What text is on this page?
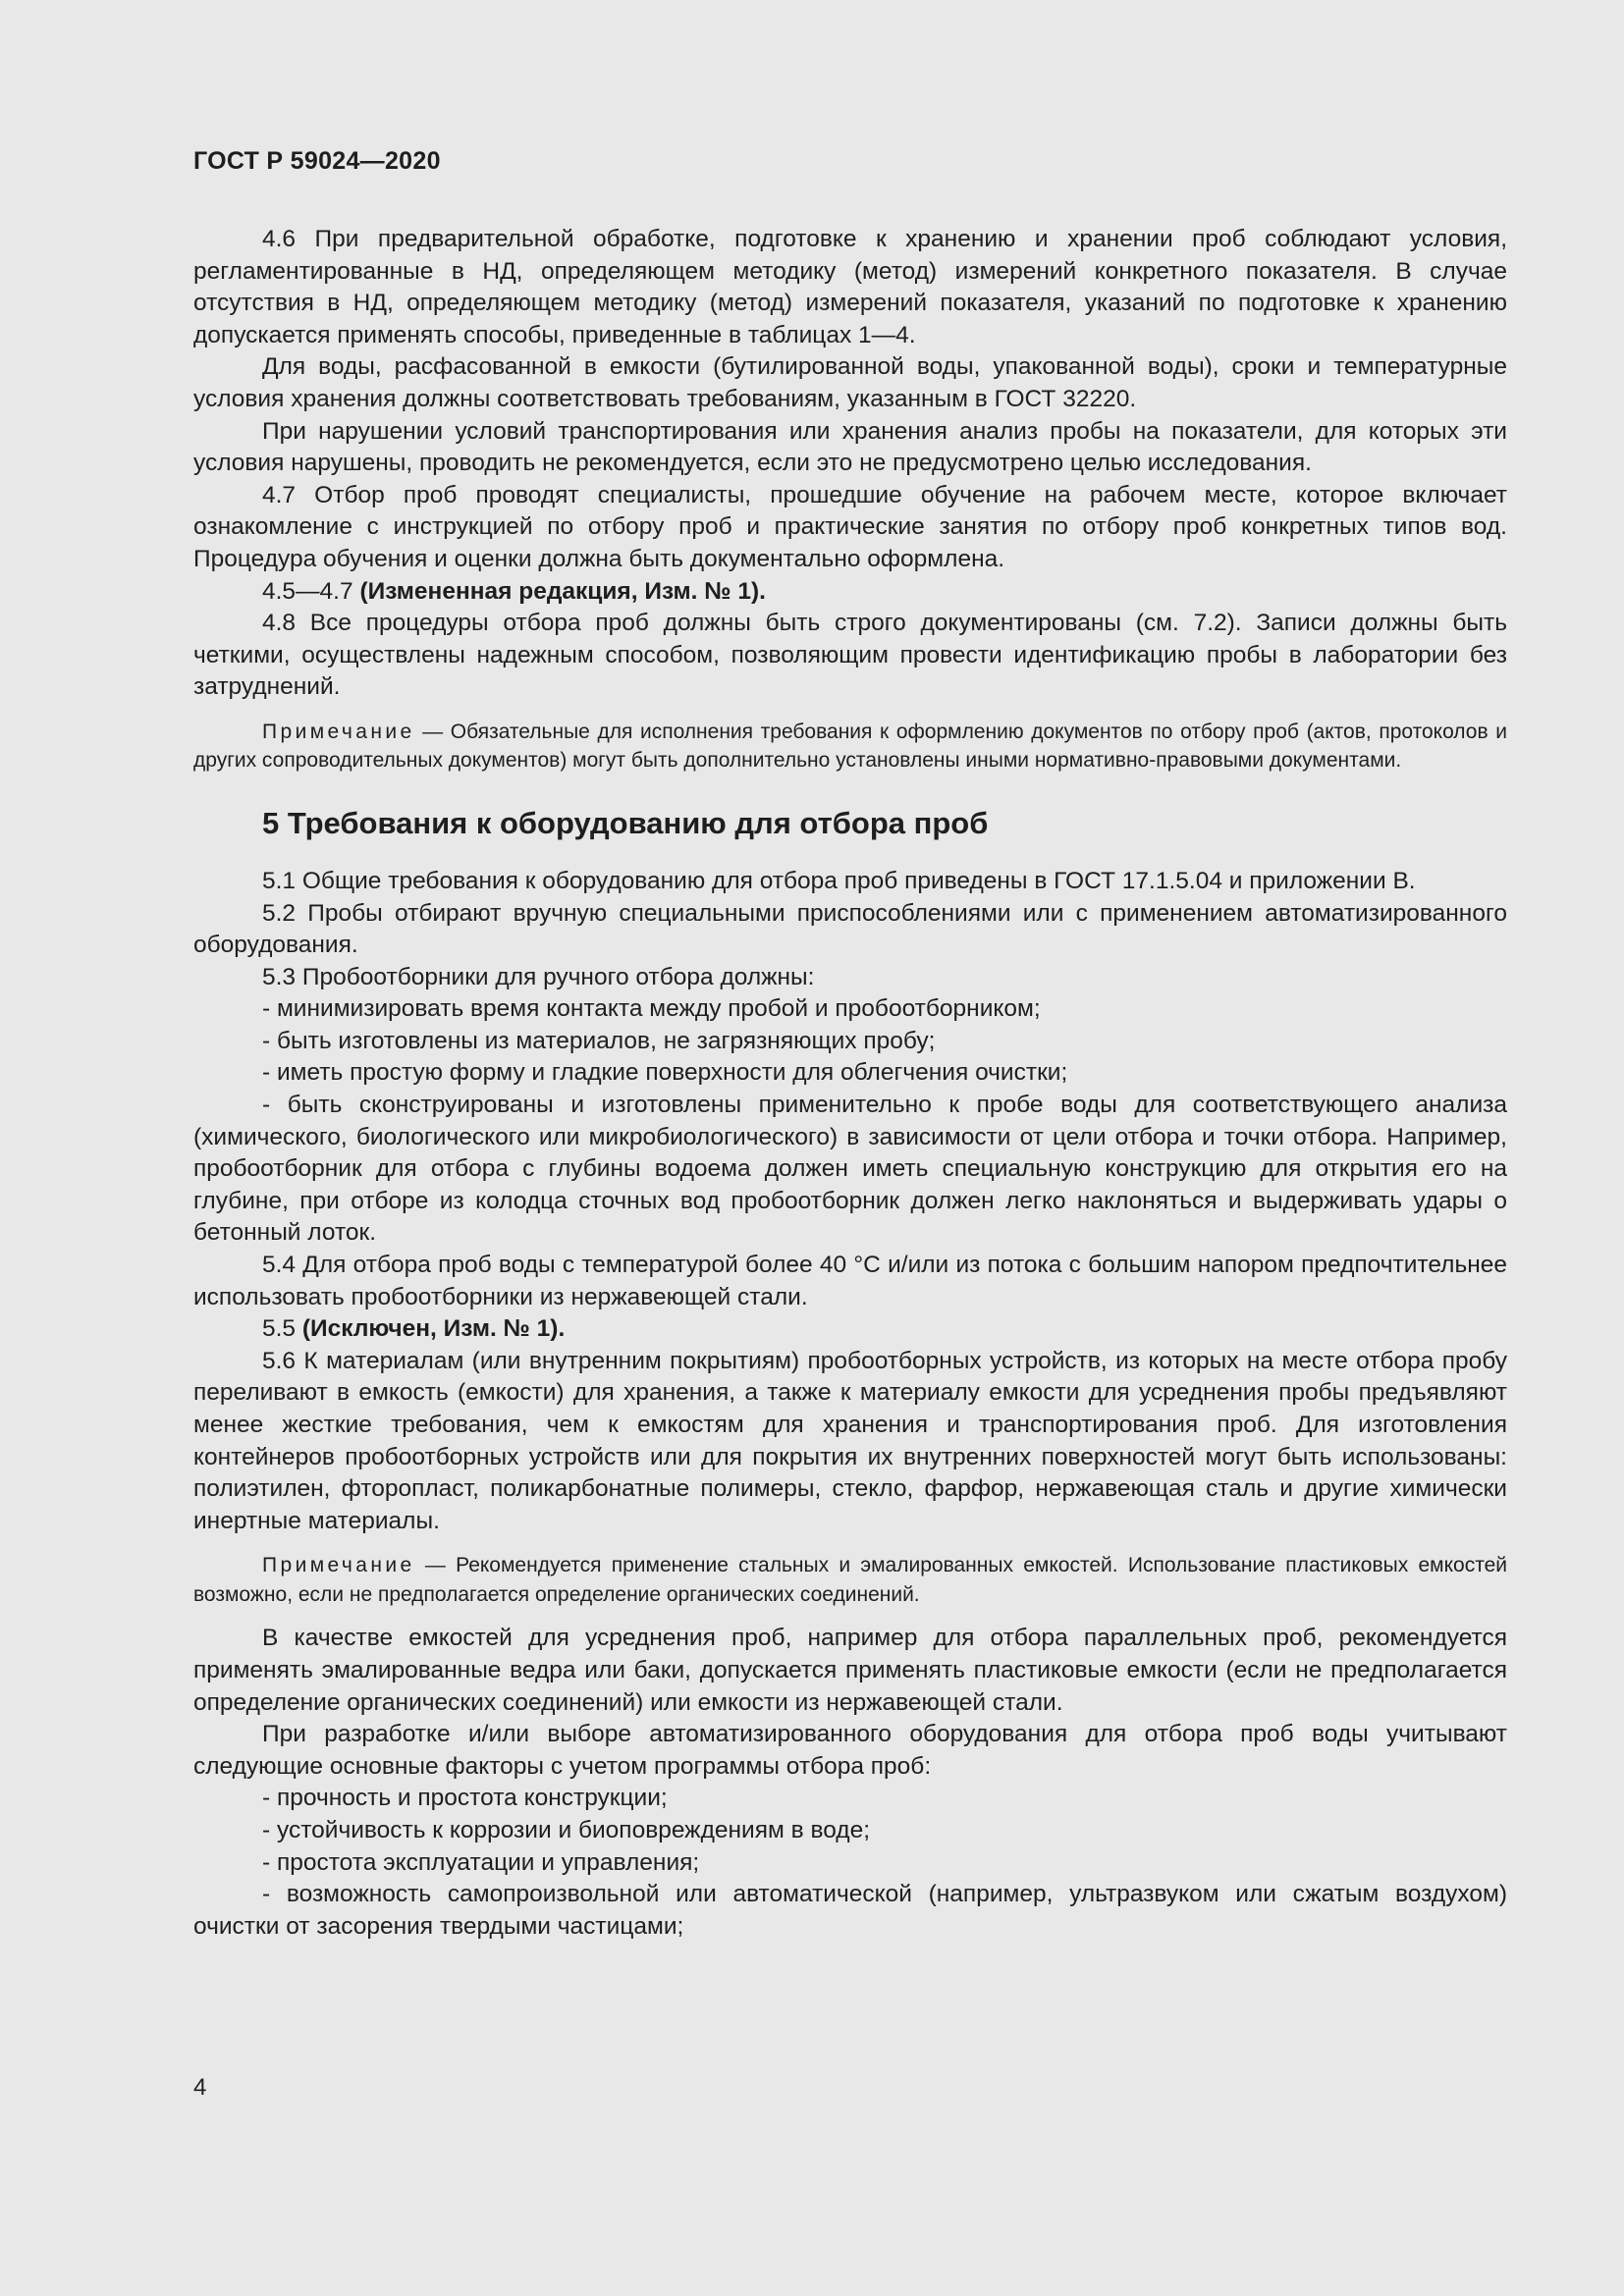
ГОСТ Р 59024—2020

4.6 При предварительной обработке, подготовке к хранению и хранении проб соблюдают условия, регламентированные в НД, определяющем методику (метод) измерений конкретного показателя. В случае отсутствия в НД, определяющем методику (метод) измерений показателя, указаний по подготовке к хранению допускается применять способы, приведенные в таблицах 1—4.

Для воды, расфасованной в емкости (бутилированной воды, упакованной воды), сроки и температурные условия хранения должны соответствовать требованиям, указанным в ГОСТ 32220.

При нарушении условий транспортирования или хранения анализ пробы на показатели, для которых эти условия нарушены, проводить не рекомендуется, если это не предусмотрено целью исследования.

4.7 Отбор проб проводят специалисты, прошедшие обучение на рабочем месте, которое включает ознакомление с инструкцией по отбору проб и практические занятия по отбору проб конкретных типов вод. Процедура обучения и оценки должна быть документально оформлена.

4.5—4.7 (Измененная редакция, Изм. № 1).

4.8 Все процедуры отбора проб должны быть строго документированы (см. 7.2). Записи должны быть четкими, осуществлены надежным способом, позволяющим провести идентификацию пробы в лаборатории без затруднений.

Примечание — Обязательные для исполнения требования к оформлению документов по отбору проб (актов, протоколов и других сопроводительных документов) могут быть дополнительно установлены иными нормативно-правовыми документами.
5 Требования к оборудованию для отбора проб

5.1 Общие требования к оборудованию для отбора проб приведены в ГОСТ 17.1.5.04 и приложении В.

5.2 Пробы отбирают вручную специальными приспособлениями или с применением автоматизированного оборудования.

5.3 Пробоотборники для ручного отбора должны:

- минимизировать время контакта между пробой и пробоотборником;

- быть изготовлены из материалов, не загрязняющих пробу;

- иметь простую форму и гладкие поверхности для облегчения очистки;

- быть сконструированы и изготовлены применительно к пробе воды для соответствующего анализа (химического, биологического или микробиологического) в зависимости от цели отбора и точки отбора. Например, пробоотборник для отбора с глубины водоема должен иметь специальную конструкцию для открытия его на глубине, при отборе из колодца сточных вод пробоотборник должен легко наклоняться и выдерживать удары о бетонный лоток.

5.4 Для отбора проб воды с температурой более 40 °С и/или из потока с большим напором предпочтительнее использовать пробоотборники из нержавеющей стали.

5.5 (Исключен, Изм. № 1).

5.6 К материалам (или внутренним покрытиям) пробоотборных устройств, из которых на месте отбора пробу переливают в емкость (емкости) для хранения, а также к материалу емкости для усреднения пробы предъявляют менее жесткие требования, чем к емкостям для хранения и транспортирования проб. Для изготовления контейнеров пробоотборных устройств или для покрытия их внутренних поверхностей могут быть использованы: полиэтилен, фторопласт, поликарбонатные полимеры, стекло, фарфор, нержавеющая сталь и другие химически инертные материалы.

Примечание — Рекомендуется применение стальных и эмалированных емкостей. Использование пластиковых емкостей возможно, если не предполагается определение органических соединений.

В качестве емкостей для усреднения проб, например для отбора параллельных проб, рекомендуется применять эмалированные ведра или баки, допускается применять пластиковые емкости (если не предполагается определение органических соединений) или емкости из нержавеющей стали.

При разработке и/или выборе автоматизированного оборудования для отбора проб воды учитывают следующие основные факторы с учетом программы отбора проб:

- прочность и простота конструкции;

- устойчивость к коррозии и биоповреждениям в воде;

- простота эксплуатации и управления;

- возможность самопроизвольной или автоматической (например, ультразвуком или сжатым воздухом) очистки от засорения твердыми частицами;

4
